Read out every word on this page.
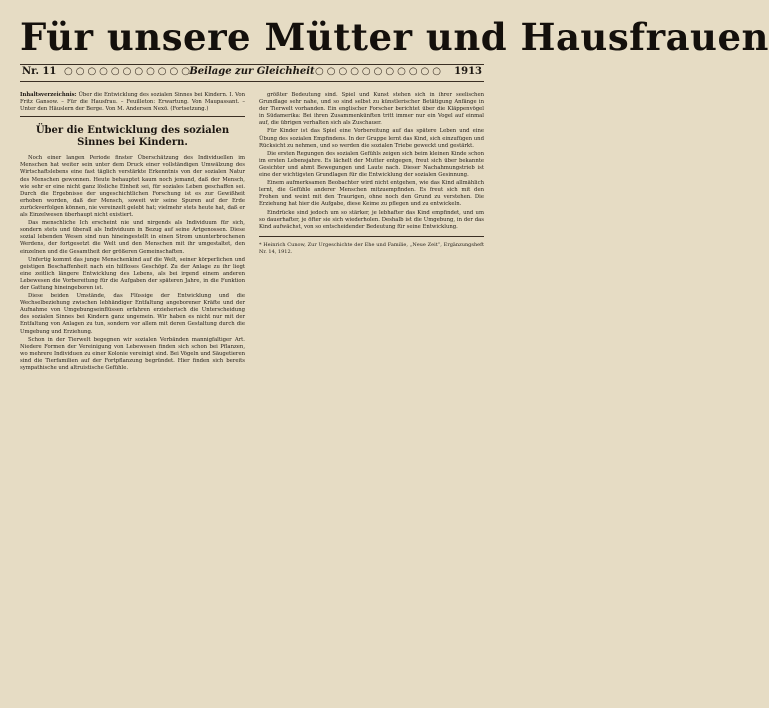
Für unsere Mütter und Hausfrauen
Nr. 11 ○○○○○○○○○○○
Beilage zur Gleichheit ○○○○○○○○○○○ 1913
Inhaltsverzeichnis: Über die Entwicklung des sozialen Sinnes bei Kindern. I. Von Fritz Gansow. – Für die Hausfrau. – Feuilleton: Erwartung. Von Maupassant. – Unter den Häuslern der Berge. Von M. Andersen Nexö. (Fortsetzung.)
Über die Entwicklung des sozialen Sinnes bei Kindern.

Noch einer langen Periode finster Überschätzung des Individuellen im Menschen hat weiter sein unter dem Druck einer vollständigen Umwälzung des Wirtschaftslebens eine fast täglich verstärkte Erkenntnis von der sozialen Natur des Menschen gewonnen. Heute behauptet kaum noch jemand, daß der Mensch, wie sehr er eine nicht ganz lösliche Einheit sei, für soziales Leben geschaffen sei. Durch die Ergebnisse der ungeschichtlichen Forschung ist es zur Gewißheit erhoben worden, daß der Mensch, soweit wir seine Spuren auf der Erde zurückverfolgen können, nie vereinzelt gelebt hat; vielmehr stets heute hat, daß er als Einzelwesen überhaupt nicht existiert.

Das menschliche Ich erscheint nie und nirgends als Individuum für sich, sondern stets und überall als Individuum in Bezug auf seine Artgenossen. Diese sozial lebenden Wesen sind nun hineingestellt in einen Strom ununterbrochenen Werdens, der fortgesetzt die Welt und den Menschen mit ihr umgestaltet, den einzelnen und die Gesamtheit der größeren Gemeinschaften.

Unfertig kommt das junge Menschenkind auf die Welt, seiner körperlichen und geistigen Beschaffenheit nach ein hilfloses Geschöpf. Zu der Anlage zu ihr liegt eine zeitlich längere Entwicklung des Lebens, als bei irgend einem anderen Lebewesen die Vorbereitung für die Aufgaben der späteren Jahre, in die Funktion der Gattung hineingeboren ist.

Diese beiden Umstände, das Flüssige der Entwicklung und die Wechselbeziehung zwischen lebhändiger Entfaltung angeborener Kräfte und der Aufnahme von Umgebungseinflüssen erfahren erzieherisch die Unterscheidung des sozialen Sinnes bei Kindern ganz ungemein. Wir haben es nicht nur mit der Entfaltung von Anlagen zu tun, sondern vor allem mit deren Gestaltung durch die Umgebung und Erziehung.

Schon in der Tierwelt begegnen wir sozialen Verbänden mannigfaltiger Art. Niedere Formen der Vereinigung von Lebewesen finden sich schon bei Pflanzen, wo mehrere Individuen zu einer Kolonie vereinigt sind. Bei Vögeln und Säugetieren sind die Tierfamilien auf der Fortpflanzung begründet. Hier finden sich bereits sympathische und altruistische Gefühle.

größter Bedeutung sind. Spiel und Kunst stehen sich in ihrer seelischen Grundlage sehr nahe, und so sind selbst zu künstlerischer Betätigung Anfänge in der Tierwelt vorhanden. Ein englischer Forscher berichtet über die Kläppenvögel in Südamerika: Bei ihren Zusammenkünften tritt immer nur ein Vogel auf einmal auf, die übrigen verhalten sich als Zuschauer.

Für Kinder ist das Spiel eine Vorbereitung auf das spätere Leben und eine Übung des sozialen Empfindens. In der Gruppe lernt das Kind, sich einzufügen und Rücksicht zu nehmen, und so werden die sozialen Triebe geweckt und gestärkt.

Die ersten Regungen des sozialen Gefühls zeigen sich beim kleinen Kinde schon im ersten Lebensjahre. Es lächelt der Mutter entgegen, freut sich über bekannte Gesichter und ahmt Bewegungen und Laute nach. Dieser Nachahmungstrieb ist eine der wichtigsten Grundlagen für die Entwicklung der sozialen Gesinnung.

Einem aufmerksamen Beobachter wird nicht entgehen, wie das Kind allmählich lernt, die Gefühle anderer Menschen mitzuempfinden. Es freut sich mit den Frohen und weint mit den Traurigen, ohne noch den Grund zu verstehen. Die Erziehung hat hier die Aufgabe, diese Keime zu pflegen und zu entwickeln.

Eindrücke sind jedoch um so stärker, je lebhafter das Kind empfindet, und um so dauerhafter, je öfter sie sich wiederholen. Deshalb ist die Umgebung, in der das Kind aufwächst, von so entscheidender Bedeutung für seine Entwicklung.

* Heinrich Cunow, Zur Urgeschichte der Ehe und Familie, „Neue Zeit“, Ergänzungsheft Nr. 14, 1912.
